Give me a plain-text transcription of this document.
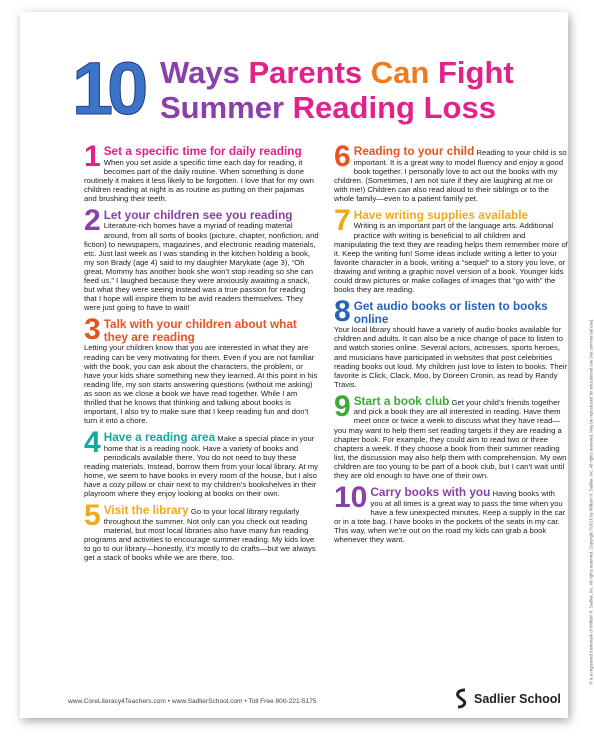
10 Ways Parents Can Fight
Summer Reading Loss
1 Set a specific time for daily reading
When you set aside a specific time each day for reading, it becomes part of the daily routine. When something is done routinely it makes it less likely to be forgotten. I love that for my own children reading at night is as routine as putting on their pajamas and brushing their teeth.
2 Let your children see you reading
Literature-rich homes have a myriad of reading material around, from all sorts of books (picture, chapter, nonfiction, and fiction) to newspapers, magazines, and electronic reading materials, etc. Just last week as I was standing in the kitchen holding a book, my son Brady (age 4) said to my daughter Marykate (age 3), “Oh great, Mommy has another book she won’t stop reading so she can feed us.” I laughed because they were anxiously awaiting a snack, but what they were seeing instead was a true passion for reading that I hope will inspire them to be avid readers themselves. They were just going to have to wait!
3 Talk with your children about what they are reading
Letting your children know that you are interested in what they are reading can be very motivating for them. Even if you are not familiar with the book, you can ask about the characters, the problem, or have your kids share something new they learned. At this point in his reading life, my son starts answering questions (without me asking) as soon as we close a book we have read together. While I am thrilled that he knows that thinking and talking about books is important, I also try to make sure that I keep reading fun and don’t turn it into a chore.
4 Have a reading area Make a special place in your home that is a reading nook. Have a variety of books and periodicals available there. You do not need to buy these reading materials. Instead, borrow them from your local library. At my home, we seem to have books in every room of the house, but I also have a cozy pillow or chair next to my children’s bookshelves in their playroom where they enjoy looking at books on their own.
5 Visit the library Go to your local library regularly throughout the summer. Not only can you check out reading material, but most local libraries also have many fun reading programs and activities to encourage summer reading. My kids love to go to our library—honestly, it’s mostly to do crafts—but we always get a stack of books while we are there, too.
6 Reading to your child Reading to your child is so important. It is a great way to model fluency and enjoy a good book together. I personally love to act out the books with my children. (Sometimes, I am not sure if they are laughing at me or with me!) Children can also read aloud to their siblings or to the whole family—even to a patient family pet.
7 Have writing supplies available
Writing is an important part of the language arts. Additional practice with writing is beneficial to all children and manipulating the text they are reading helps them remember more of it. Keep the writing fun! Some ideas include writing a letter to your favorite character in a book, writing a “sequel” to a story you love, or drawing and writing a graphic novel version of a book. Younger kids could draw pictures or make collages of images that “go with” the books they are reading.
8 Get audio books or listen to books online
Your local library should have a variety of audio books available for children and adults. It can also be a nice change of pace to listen to and watch stories online. Several actors, actresses, sports heroes, and musicians have participated in websites that post celebrities reading books out loud. My children just love to listen to books. Their favorite is Click, Clack, Moo, by Doreen Cronin, as read by Randy Travis.
9 Start a book club Get your child’s friends together and pick a book they are all interested in reading. Have them meet once or twice a week to discuss what they have read—you may want to help them set reading targets if they are reading a chapter book. For example, they could aim to read two or three chapters a week. If they choose a book from their summer reading list, the discussion may also help them with comprehension. My own children are too young to be part of a book club, but I can’t wait until they are old enough to have one of their own.
10 Carry books with you Having books with you at all times is a great way to pass the time when you have a few unexpected minutes. Keep a supply in the car or in a tote bag. I have books in the pockets of the seats in my car. This way, when we’re out on the road my kids can grab a book whenever they want.
www.CoreLiteracy4Teachers.com • www.SadlierSchool.com • Toll Free 800-221-5175	Sadlier School
® is a registered trademark of William H. Sadlier, Inc. All rights reserved. Copyright ©2016 by William H. Sadlier, Inc. All rights reserved. May be reproduced for educational use (not commercial use).
